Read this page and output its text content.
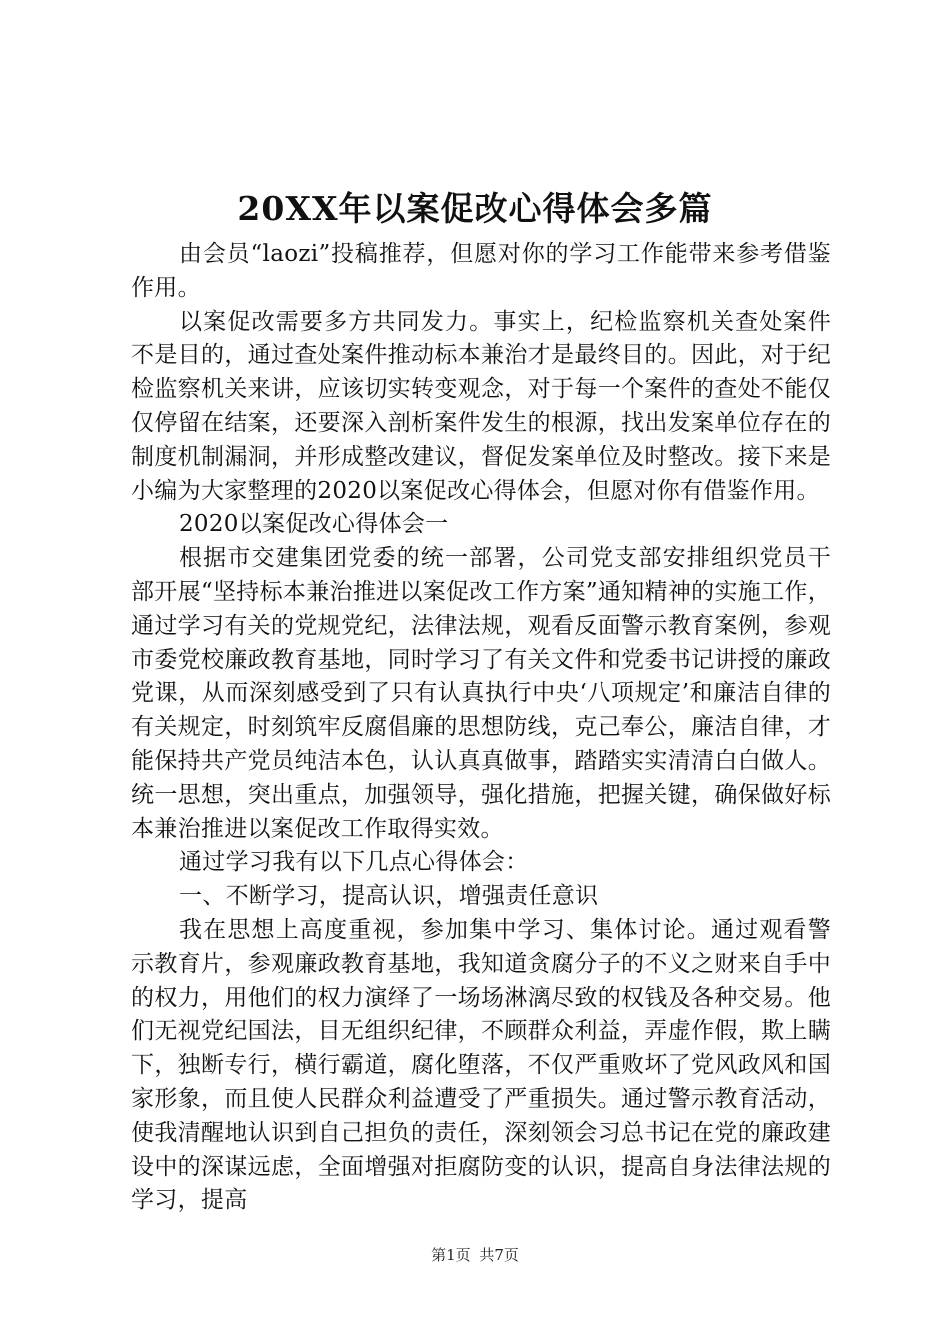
20XX年以案促改心得体会多篇

由会员“laozi”投稿推荐，但愿对你的学习工作能带来参考借鉴作用。

以案促改需要多方共同发力。事实上，纪检监察机关查处案件不是目的，通过查处案件推动标本兼治才是最终目的。因此，对于纪检监察机关来讲，应该切实转变观念，对于每一个案件的查处不能仅仅停留在结案，还要深入剖析案件发生的根源，找出发案单位存在的制度机制漏洞，并形成整改建议，督促发案单位及时整改。接下来是小编为大家整理的2020以案促改心得体会，但愿对你有借鉴作用。

2020以案促改心得体会一

根据市交建集团党委的统一部署，公司党支部安排组织党员干部开展“坚持标本兼治推进以案促改工作方案”通知精神的实施工作，通过学习有关的党规党纪，法律法规，观看反面警示教育案例，参观市委党校廉政教育基地，同时学习了有关文件和党委书记讲授的廉政党课，从而深刻感受到了只有认真执行中央‘八项规定’和廉洁自律的有关规定，时刻筑牢反腐倡廉的思想防线，克己奉公，廉洁自律，才能保持共产党员纯洁本色，认认真真做事，踏踏实实清清白白做人。统一思想，突出重点，加强领导，强化措施，把握关键，确保做好标本兼治推进以案促改工作取得实效。

通过学习我有以下几点心得体会：

一、不断学习，提高认识，增强责任意识

我在思想上高度重视，参加集中学习、集体讨论。通过观看警示教育片，参观廉政教育基地，我知道贪腐分子的不义之财来自手中的权力，用他们的权力演绎了一场场淋漓尽致的权钱及各种交易。他们无视党纪国法，目无组织纪律，不顾群众利益，弄虚作假，欺上瞒下，独断专行，横行霸道，腐化堕落，不仅严重败坏了党风政风和国家形象，而且使人民群众利益遭受了严重损失。通过警示教育活动，使我清醒地认识到自己担负的责任，深刻领会习总书记在党的廉政建设中的深谋远虑，全面增强对拒腐防变的认识，提高自身法律法规的学习，提高

第1页 共7页
